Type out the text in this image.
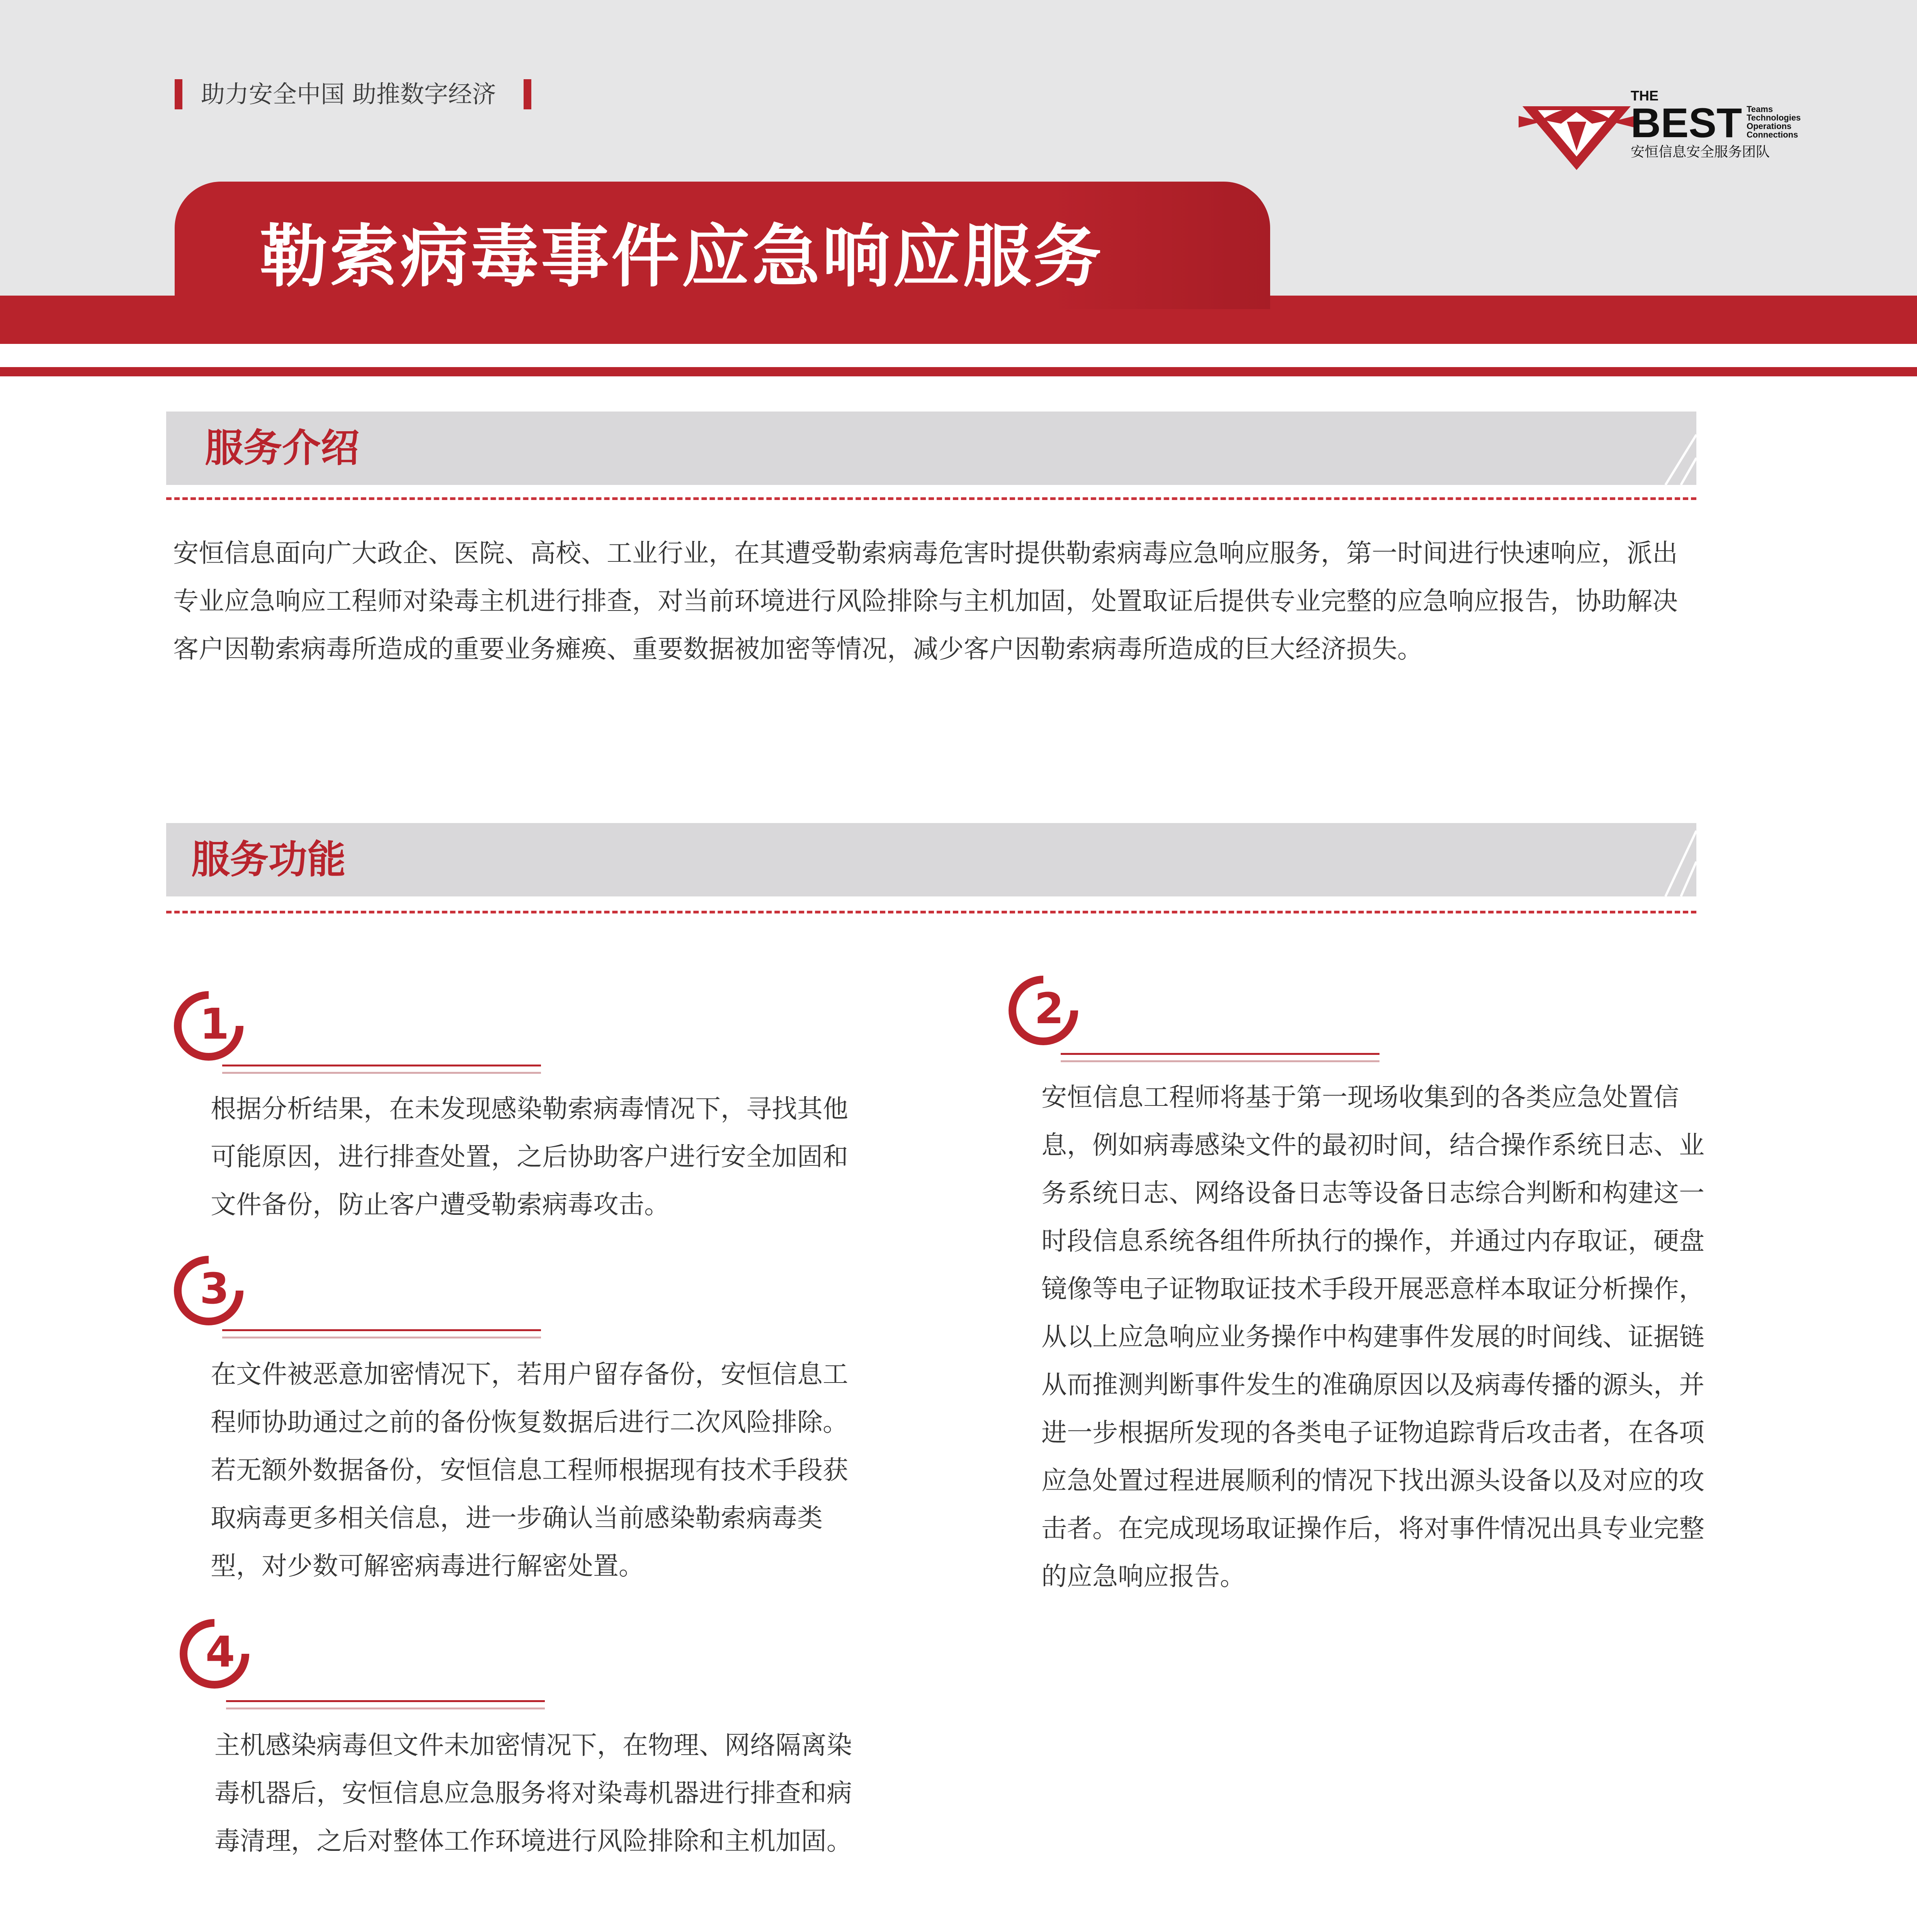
助力安全中国 助推数字经济	THE
BEST Teams
Technologies
Operations
Connections
安恒信息安全服务团队
勒索病毒事件应急响应服务
服务介绍
安恒信息面向广大政企、医院、高校、工业行业，在其遭受勒索病毒危害时提供勒索病毒应急响应服务，第一时间进行快速响应，派出专业应急响应工程师对染毒主机进行排查，对当前环境进行风险排除与主机加固，处置取证后提供专业完整的应急响应报告，协助解决客户因勒索病毒所造成的重要业务瘫痪、重要数据被加密等情况，减少客户因勒索病毒所造成的巨大经济损失。
服务功能
1
根据分析结果，在未发现感染勒索病毒情况下，寻找其他可能原因，进行排查处置，之后协助客户进行安全加固和文件备份，防止客户遭受勒索病毒攻击。
2
安恒信息工程师将基于第一现场收集到的各类应急处置信息，例如病毒感染文件的最初时间，结合操作系统日志、业务系统日志、网络设备日志等设备日志综合判断和构建这一时段信息系统各组件所执行的操作，并通过内存取证，硬盘镜像等电子证物取证技术手段开展恶意样本取证分析操作，从以上应急响应业务操作中构建事件发展的时间线、证据链从而推测判断事件发生的准确原因以及病毒传播的源头，并进一步根据所发现的各类电子证物追踪背后攻击者，在各项应急处置过程进展顺利的情况下找出源头设备以及对应的攻击者。在完成现场取证操作后，将对事件情况出具专业完整的应急响应报告。
3
在文件被恶意加密情况下，若用户留存备份，安恒信息工程师协助通过之前的备份恢复数据后进行二次风险排除。若无额外数据备份，安恒信息工程师根据现有技术手段获取病毒更多相关信息，进一步确认当前感染勒索病毒类型，对少数可解密病毒进行解密处置。
4
主机感染病毒但文件未加密情况下，在物理、网络隔离染毒机器后，安恒信息应急服务将对染毒机器进行排查和病毒清理，之后对整体工作环境进行风险排除和主机加固。
